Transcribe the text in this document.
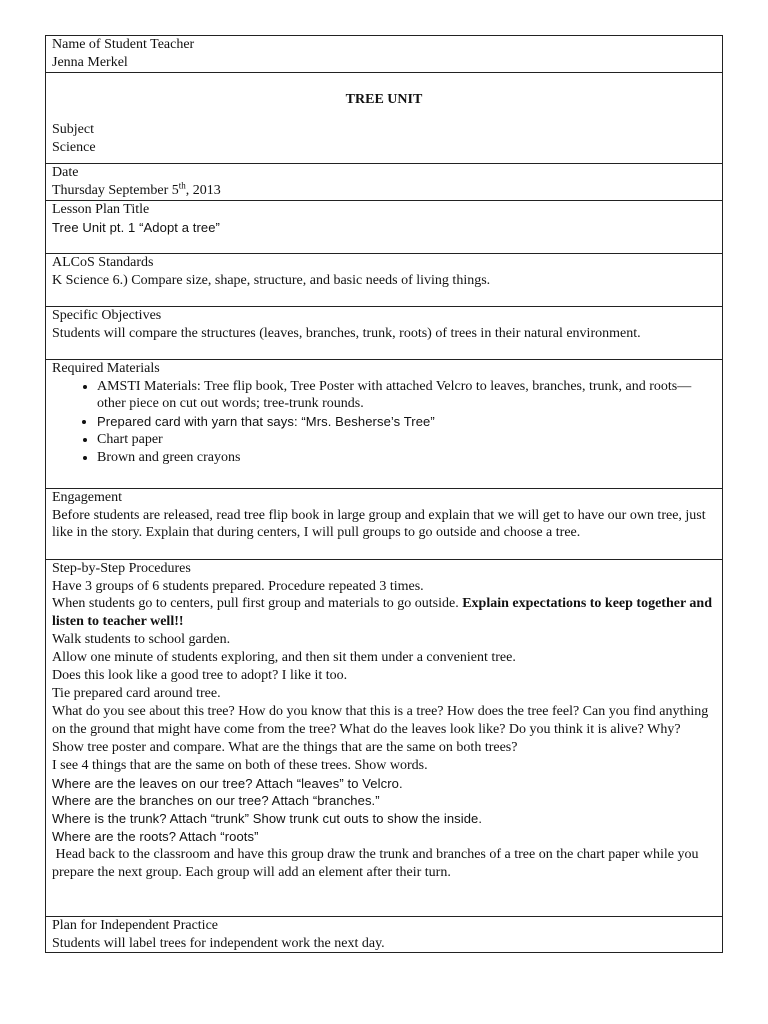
Name of Student Teacher
Jenna Merkel

TREE UNIT
Subject
Science

Date
Thursday September 5th, 2013

Lesson Plan Title
Tree Unit pt. 1 “Adopt a tree”

ALCoS Standards
K Science 6.) Compare size, shape, structure, and basic needs of living things.

Specific Objectives
Students will compare the structures (leaves, branches, trunk, roots) of trees in their natural environment.

Required Materials
• AMSTI Materials: Tree flip book, Tree Poster with attached Velcro to leaves, branches, trunk, and roots—other piece on cut out words; tree-trunk rounds.
• Prepared card with yarn that says: “Mrs. Besherse’s Tree”
• Chart paper
• Brown and green crayons

Engagement
Before students are released, read tree flip book in large group and explain that we will get to have our own tree, just like in the story. Explain that during centers, I will pull groups to go outside and choose a tree.

Step-by-Step Procedures
Have 3 groups of 6 students prepared. Procedure repeated 3 times.
When students go to centers, pull first group and materials to go outside. Explain expectations to keep together and listen to teacher well!!
Walk students to school garden.
Allow one minute of students exploring, and then sit them under a convenient tree.
Does this look like a good tree to adopt? I like it too.
Tie prepared card around tree.
What do you see about this tree? How do you know that this is a tree? How does the tree feel? Can you find anything on the ground that might have come from the tree? What do the leaves look like? Do you think it is alive? Why?
Show tree poster and compare. What are the things that are the same on both trees?
I see 4 things that are the same on both of these trees. Show words.
Where are the leaves on our tree? Attach “leaves” to Velcro.
Where are the branches on our tree? Attach “branches.”
Where is the trunk? Attach “trunk” Show trunk cut outs to show the inside.
Where are the roots? Attach “roots”
Head back to the classroom and have this group draw the trunk and branches of a tree on the chart paper while you prepare the next group. Each group will add an element after their turn.

Plan for Independent Practice
Students will label trees for independent work the next day.
